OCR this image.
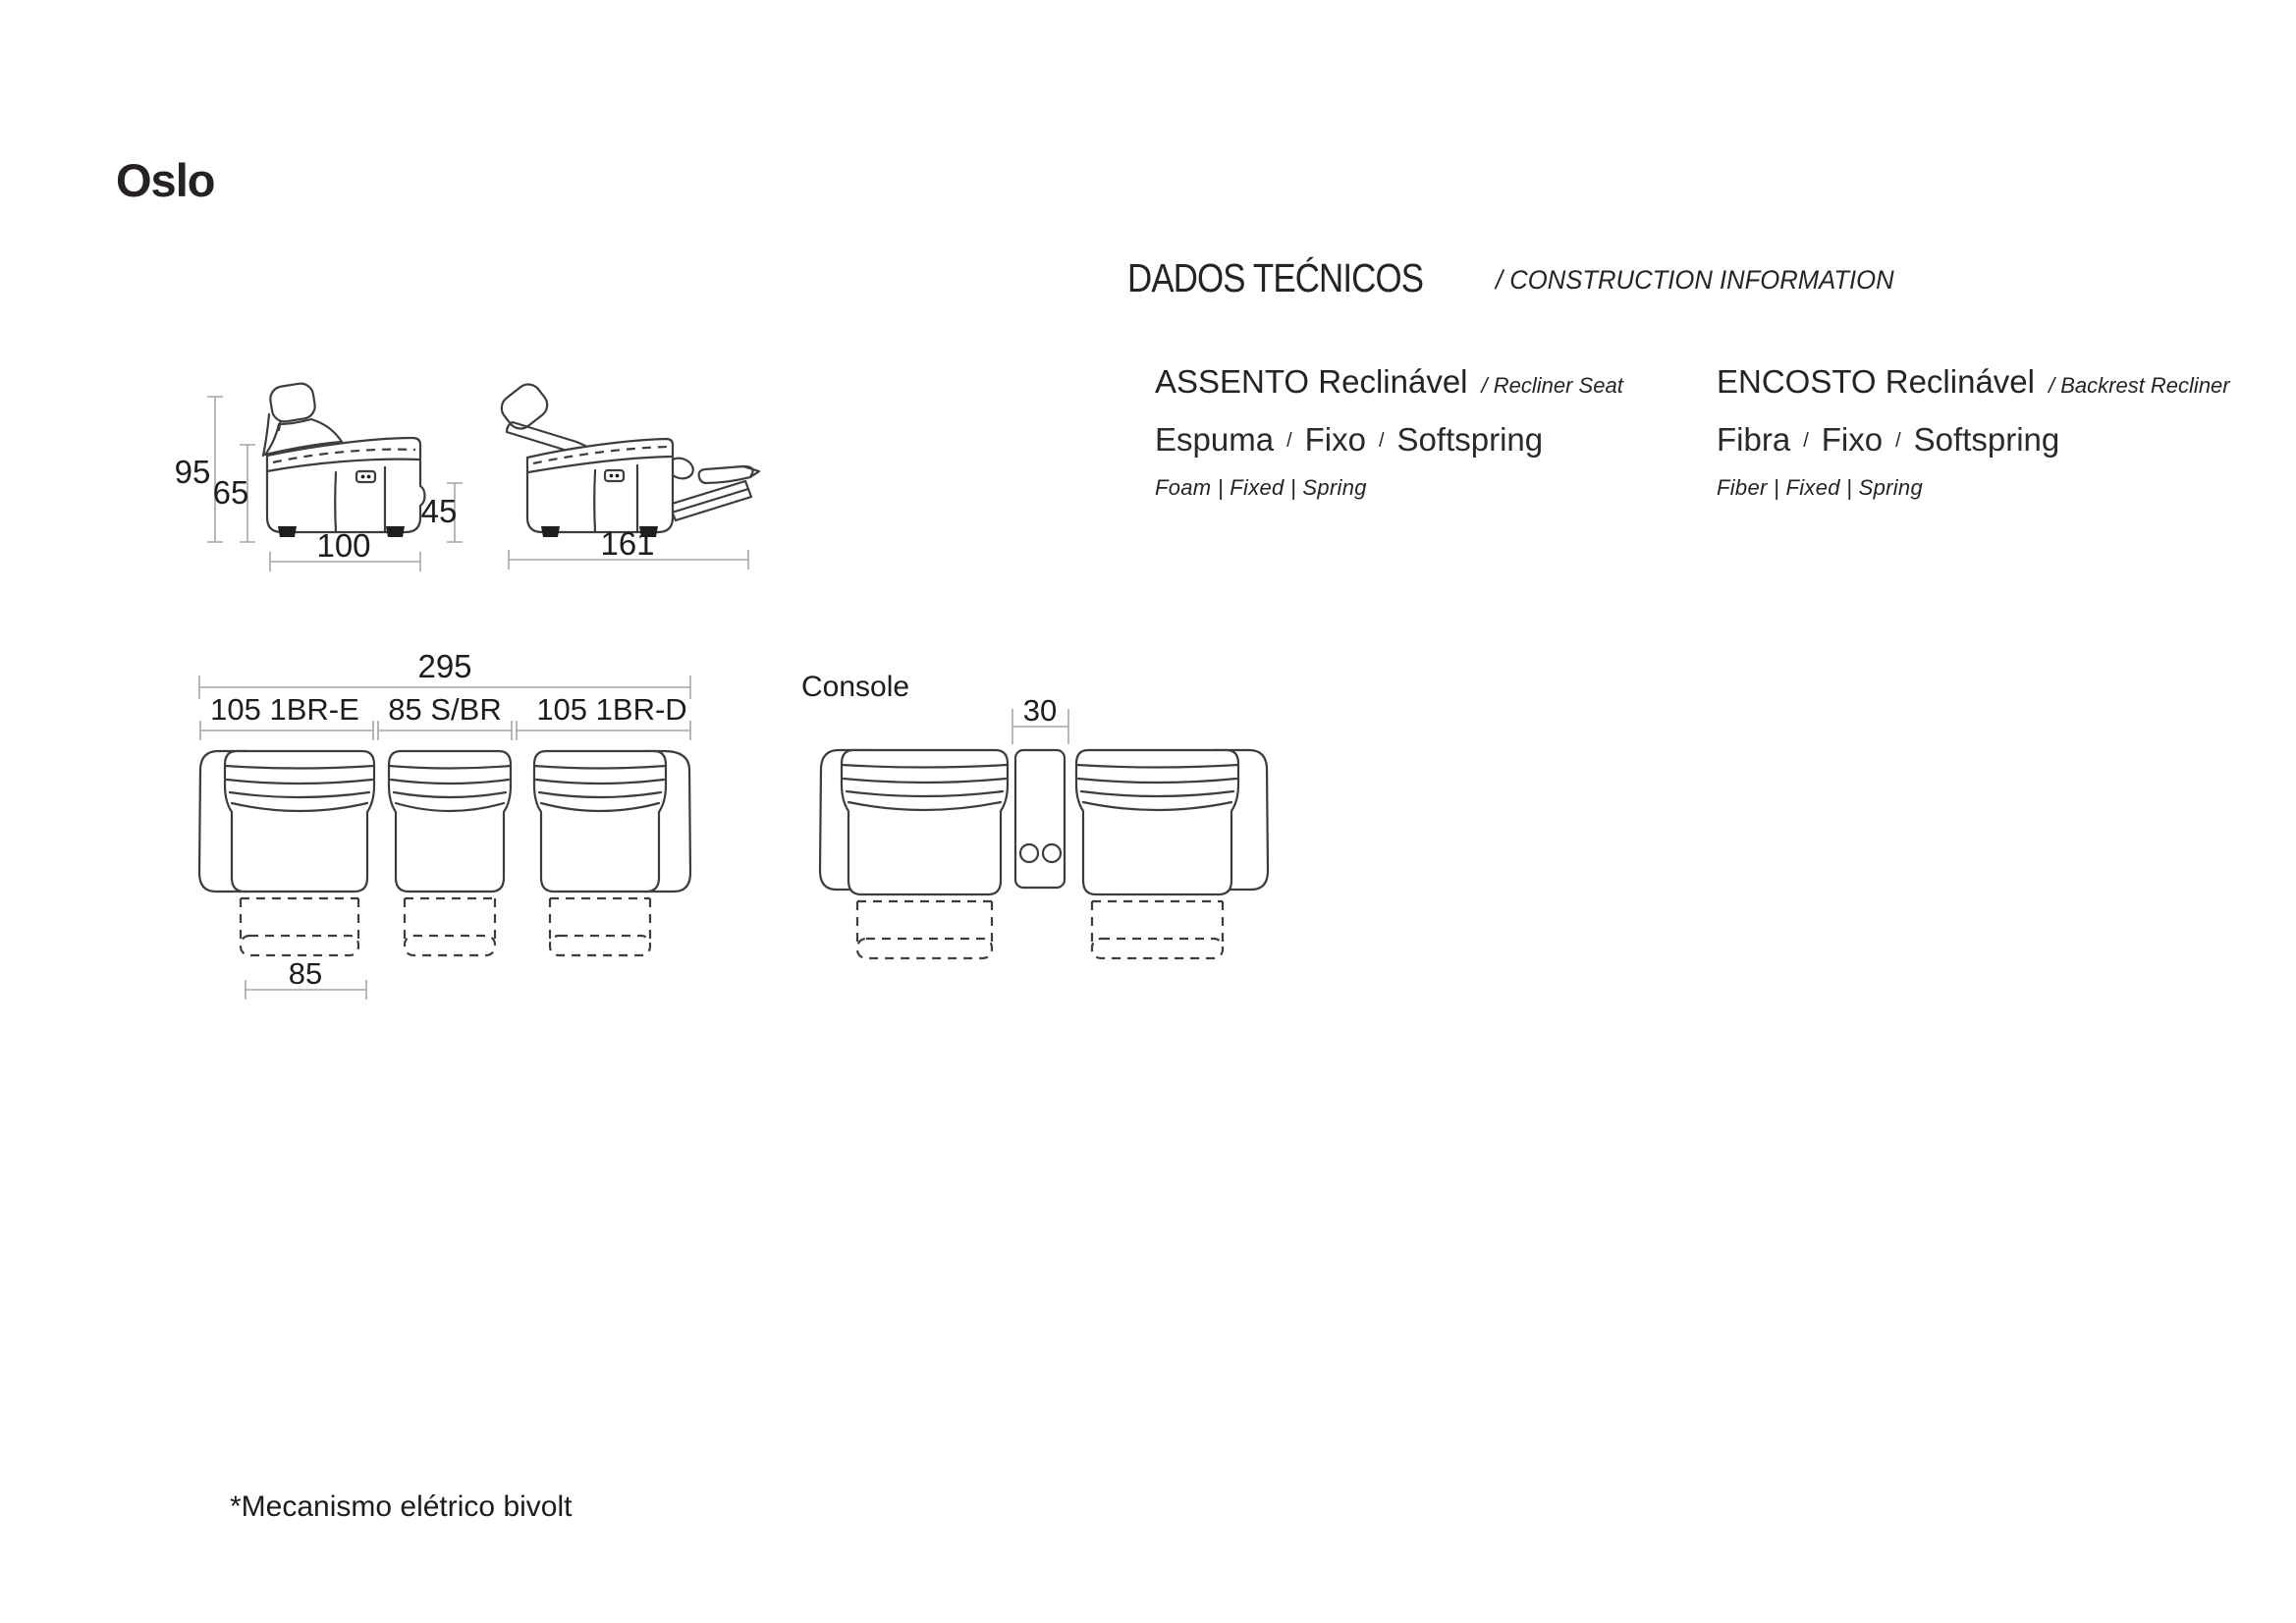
Oslo
DADOS TEĆNICOS	/ CONSTRUCTION INFORMATION
ASSENTO Reclinável / Recliner Seat
Espuma / Fixo / Softspring
Foam | Fixed | Spring
ENCOSTO Reclinável / Backrest Recliner
Fibra / Fixo / Softspring
Fiber | Fixed | Spring
95
65
45
100	161
295
105 1BR-E 85 S/BR 105 1BR-D
85
Console
30
*Mecanismo elétrico bivolt
